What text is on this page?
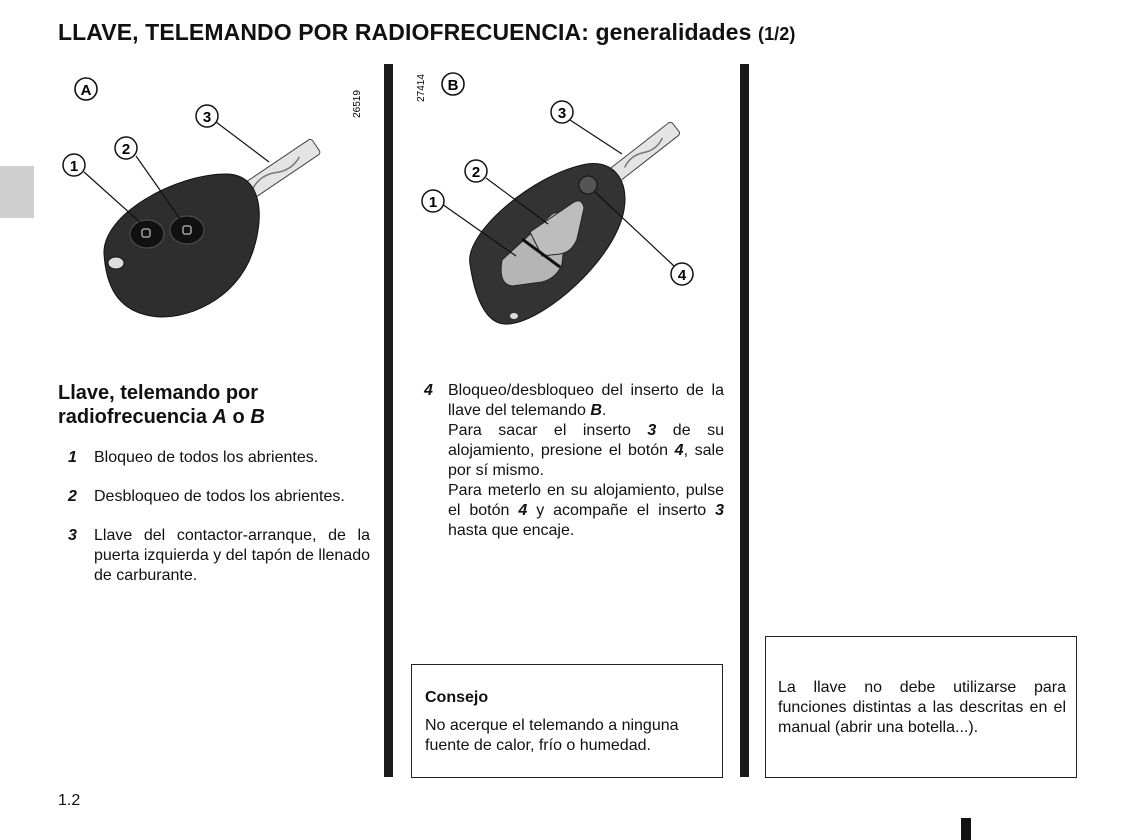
LLAVE, TELEMANDO POR RADIOFRECUENCIA: generalidades (1/2)
A	26519
1
2
3
27414 B
1
2
3
4
Llave, telemando por
radiofrecuencia A o B
1 Bloqueo de todos los abrientes.
2 Desbloqueo de todos los abrientes.
3 Llave del contactor-arranque, de la puerta izquierda y del tapón de llenado de carburante.
4 Bloqueo/desbloqueo del inserto de la llave del telemando B.

Para sacar el inserto 3 de su alojamiento, presione el botón 4, sale por sí mismo.

Para meterlo en su alojamiento, pulse el botón 4 y acompañe el inserto 3 hasta que encaje.

Consejo
No acerque el telemando a ninguna fuente de calor, frío o humedad.
La llave no debe utilizarse para funciones distintas a las descritas en el manual (abrir una botella...).
1.2
